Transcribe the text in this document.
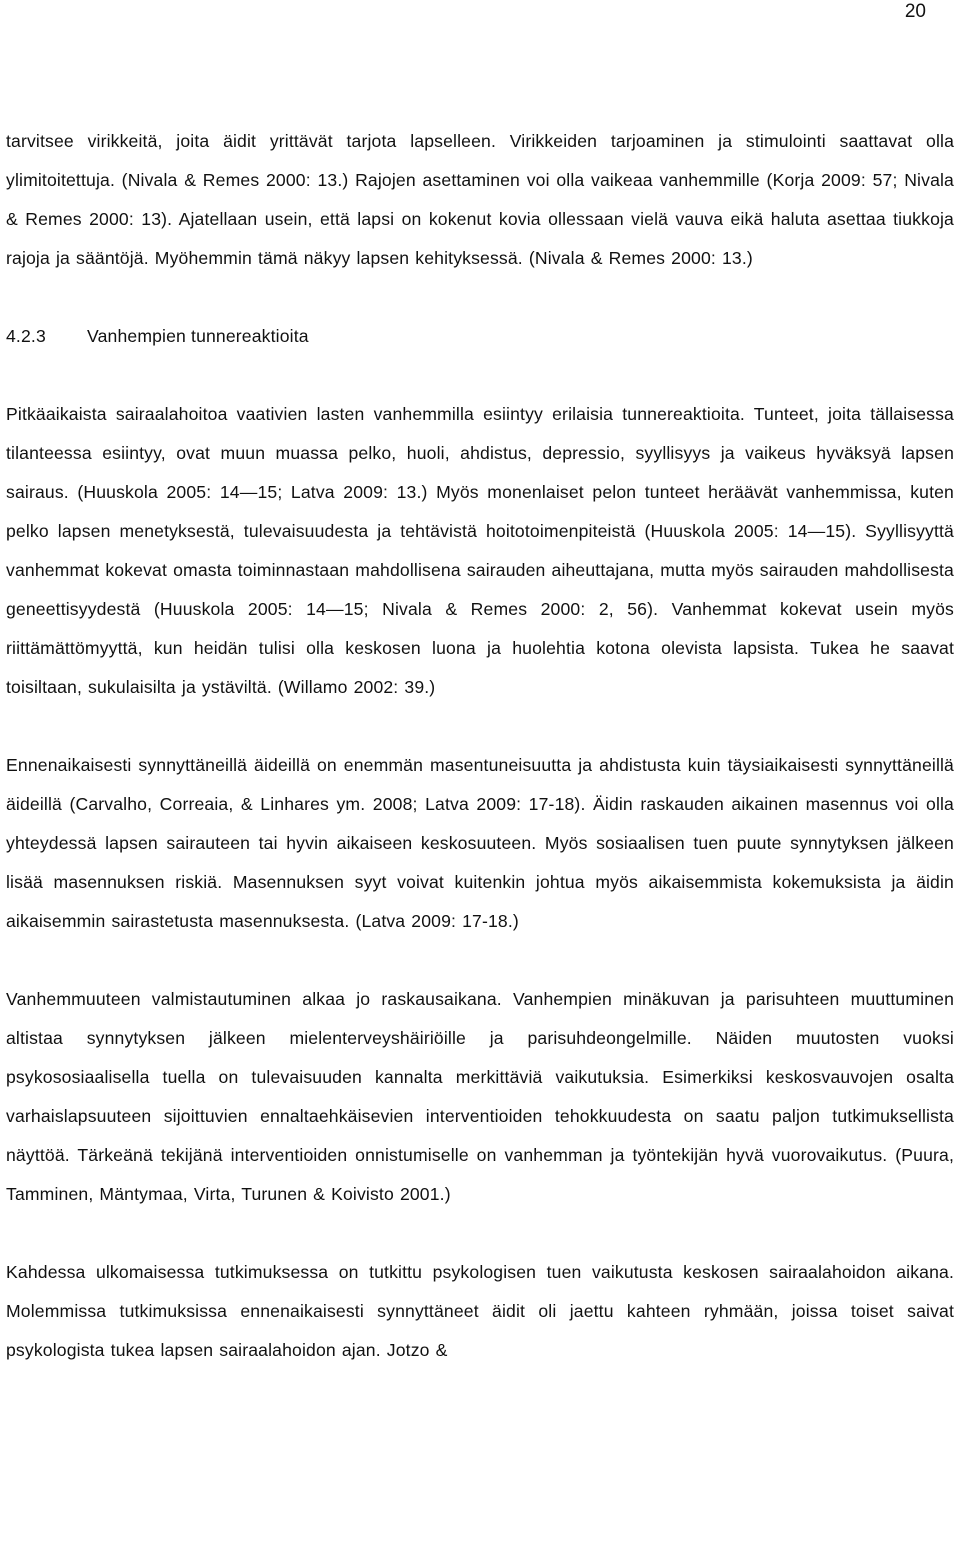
20

tarvitsee virikkeitä, joita äidit yrittävät tarjota lapselleen. Virikkeiden tarjoaminen ja stimulointi saattavat olla ylimitoitettuja. (Nivala & Remes 2000: 13.) Rajojen asettaminen voi olla vaikeaa vanhemmille (Korja 2009: 57; Nivala & Remes 2000: 13). Ajatellaan usein, että lapsi on kokenut kovia ollessaan vielä vauva eikä haluta asettaa tiukkoja rajoja ja sääntöjä. Myöhemmin tämä näkyy lapsen kehityksessä. (Nivala & Remes 2000: 13.)

4.2.3 Vanhempien tunnereaktioita

Pitkäaikaista sairaalahoitoa vaativien lasten vanhemmilla esiintyy erilaisia tunnereaktioita. Tunteet, joita tällaisessa tilanteessa esiintyy, ovat muun muassa pelko, huoli, ahdistus, depressio, syyllisyys ja vaikeus hyväksyä lapsen sairaus. (Huuskola 2005: 14—15; Latva 2009: 13.) Myös monenlaiset pelon tunteet heräävät vanhemmissa, kuten pelko lapsen menetyksestä, tulevaisuudesta ja tehtävistä hoitotoimenpiteistä (Huuskola 2005: 14—15). Syyllisyyttä vanhemmat kokevat omasta toiminnastaan mahdollisena sairauden aiheuttajana, mutta myös sairauden mahdollisesta geneettisyydestä (Huuskola 2005: 14—15; Nivala & Remes 2000: 2, 56). Vanhemmat kokevat usein myös riittämättömyyttä, kun heidän tulisi olla keskosen luona ja huolehtia kotona olevista lapsista. Tukea he saavat toisiltaan, sukulaisilta ja ystäviltä. (Willamo 2002: 39.)

Ennenaikaisesti synnyttäneillä äideillä on enemmän masentuneisuutta ja ahdistusta kuin täysiaikaisesti synnyttäneillä äideillä (Carvalho, Correaia, & Linhares ym. 2008; Latva 2009: 17-18). Äidin raskauden aikainen masennus voi olla yhteydessä lapsen sairauteen tai hyvin aikaiseen keskosuuteen. Myös sosiaalisen tuen puute synnytyksen jälkeen lisää masennuksen riskiä. Masennuksen syyt voivat kuitenkin johtua myös aikaisemmista kokemuksista ja äidin aikaisemmin sairastetusta masennuksesta. (Latva 2009: 17-18.)

Vanhemmuuteen valmistautuminen alkaa jo raskausaikana. Vanhempien minäkuvan ja parisuhteen muuttuminen altistaa synnytyksen jälkeen mielenterveyshäiriöille ja parisuhdeongelmille. Näiden muutosten vuoksi psykososiaalisella tuella on tulevaisuuden kannalta merkittäviä vaikutuksia. Esimerkiksi keskosvauvojen osalta varhaislapsuuteen sijoittuvien ennaltaehkäisevien interventioiden tehokkuudesta on saatu paljon tutkimuksellista näyttöä. Tärkeänä tekijänä interventioiden onnistumiselle on vanhemman ja työntekijän hyvä vuorovaikutus. (Puura, Tamminen, Mäntymaa, Virta, Turunen & Koivisto 2001.)

Kahdessa ulkomaisessa tutkimuksessa on tutkittu psykologisen tuen vaikutusta keskosen sairaalahoidon aikana. Molemmissa tutkimuksissa ennenaikaisesti synnyttäneet äidit oli jaettu kahteen ryhmään, joissa toiset saivat psykologista tukea lapsen sairaalahoidon ajan. Jotzo &
